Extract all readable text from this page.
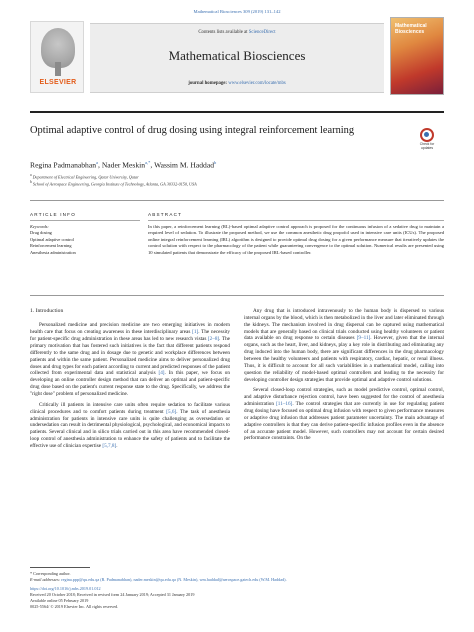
Mathematical Biosciences 309 (2019) 131–142
ELSEVIER
Contents lists available at ScienceDirect
Mathematical Biosciences
journal homepage: www.elsevier.com/locate/mbs
Mathematical Biosciences
Optimal adaptive control of drug dosing using integral reinforcement learning
Check for updates
Regina Padmanabhan$^a$, Nader Meskin$^{a,*}$, Wassim M. Haddad$^b$
$^a$ Department of Electrical Engineering, Qatar University, Qatar
$^b$ School of Aerospace Engineering, Georgia Institute of Technology, Atlanta, GA 30332-0150, USA
ARTICLE INFO	ABSTRACT
Keywords:
Drug dosing
Optimal adaptive control
Reinforcement learning
Anesthesia administration
In this paper, a reinforcement learning (RL)-based optimal adaptive control approach is proposed for the continuous infusion of a sedative drug to maintain a required level of sedation. To illustrate the proposed method, we use the common anesthetic drug propofol used in intensive care units (ICUs). The proposed online integral reinforcement learning (IRL) algorithm is designed to provide optimal drug dosing for a given performance measure that iteratively updates the control solution with respect to the pharmacology of the patient while guaranteeing convergence to the optimal solution. Numerical results are presented using 10 simulated patients that demonstrate the efficacy of the proposed IRL-based controller.
1. Introduction

Personalized medicine and precision medicine are two emerging initiatives in modern health care that focus on creating awareness in these interdisciplinary areas [1]. The necessity for patient-specific drug administration in these areas has led to new research vistas [2–8]. The primary motivation that has fostered such initiatives is the fact that different patients respond differently to the same drug and in dosage due to genetic and workplace differences between patients and within the same patient. Personalized medicine aims to deliver personalized drug doses and drug types for each patient according to current and predicted responses of the patient collected from experimental data and statistical analysis [4]. In this paper, we focus on developing an online controller design method that can deliver an optimal and patient-specific drug dose based on the patient's current response state to the drug. Specifically, we address the "right dose" problem of personalized medicine.

Critically ill patients in intensive care units often require sedation to facilitate various clinical procedures and to comfort patients during treatment [5,6]. The task of anesthesia administration for patients in intensive care units is quite challenging as oversedation or undersedation can result in detrimental physiological, psychological, and economical impacts to patients. Several clinical and in silico trials carried out in this area have recommended closed-loop control of anesthesia administration to enhance the safety of patients and to facilitate the effective use of clinician expertise [5,7,8].

Any drug that is introduced intravenously to the human body is dispersed to various internal organs by the blood, which is then metabolized in the liver and later eliminated through the kidneys. The mechanism involved in drug dispersal can be captured using mathematical models that are generally based on clinical trials conducted using healthy volunteers or patient data available on drug response to certain diseases [9–11]. However, given that the internal organs, such as the heart, liver, and kidneys, play a key role in distributing and eliminating any drug induced into the human body, there are significant differences in the drug pharmacology between the healthy volunteers and patients with respiratory, cardiac, hepatic, or renal illness. Thus, it is difficult to account for all such variabilities in a mathematical model, calling into question the reliability of model-based optimal controllers and leading to the necessity for developing controller design strategies that provide optimal and adaptive control solutions.

Several closed-loop control strategies, such as model predictive control, optimal control, and adaptive disturbance rejection control, have been suggested for the control of anesthesia administration [11–16]. The control strategies that are currently in use for regulating patient drug dosing have focused on optimal drug infusion with respect to given performance measures or adaptive drug infusion that addresses patient parameter uncertainty. The main advantage of adaptive controllers is that they can derive patient-specific infusion profiles even in the absence of an accurate patient model. However, such controllers may not account for certain desired performance constraints. On the

* Corresponding author.
E-mail addresses: regina.ppp@qu.edu.qa (R. Padmanabhan), nader.meskin@qu.edu.qa (N. Meskin), wm.haddad@aerospace.gatech.edu (W.M. Haddad).
https://doi.org/10.1016/j.mbs.2019.01.012
Received 20 October 2018; Received in revised form 24 January 2019; Accepted 31 January 2019
Available online 05 February 2019
0025-5564/ © 2019 Elsevier Inc. All rights reserved.
